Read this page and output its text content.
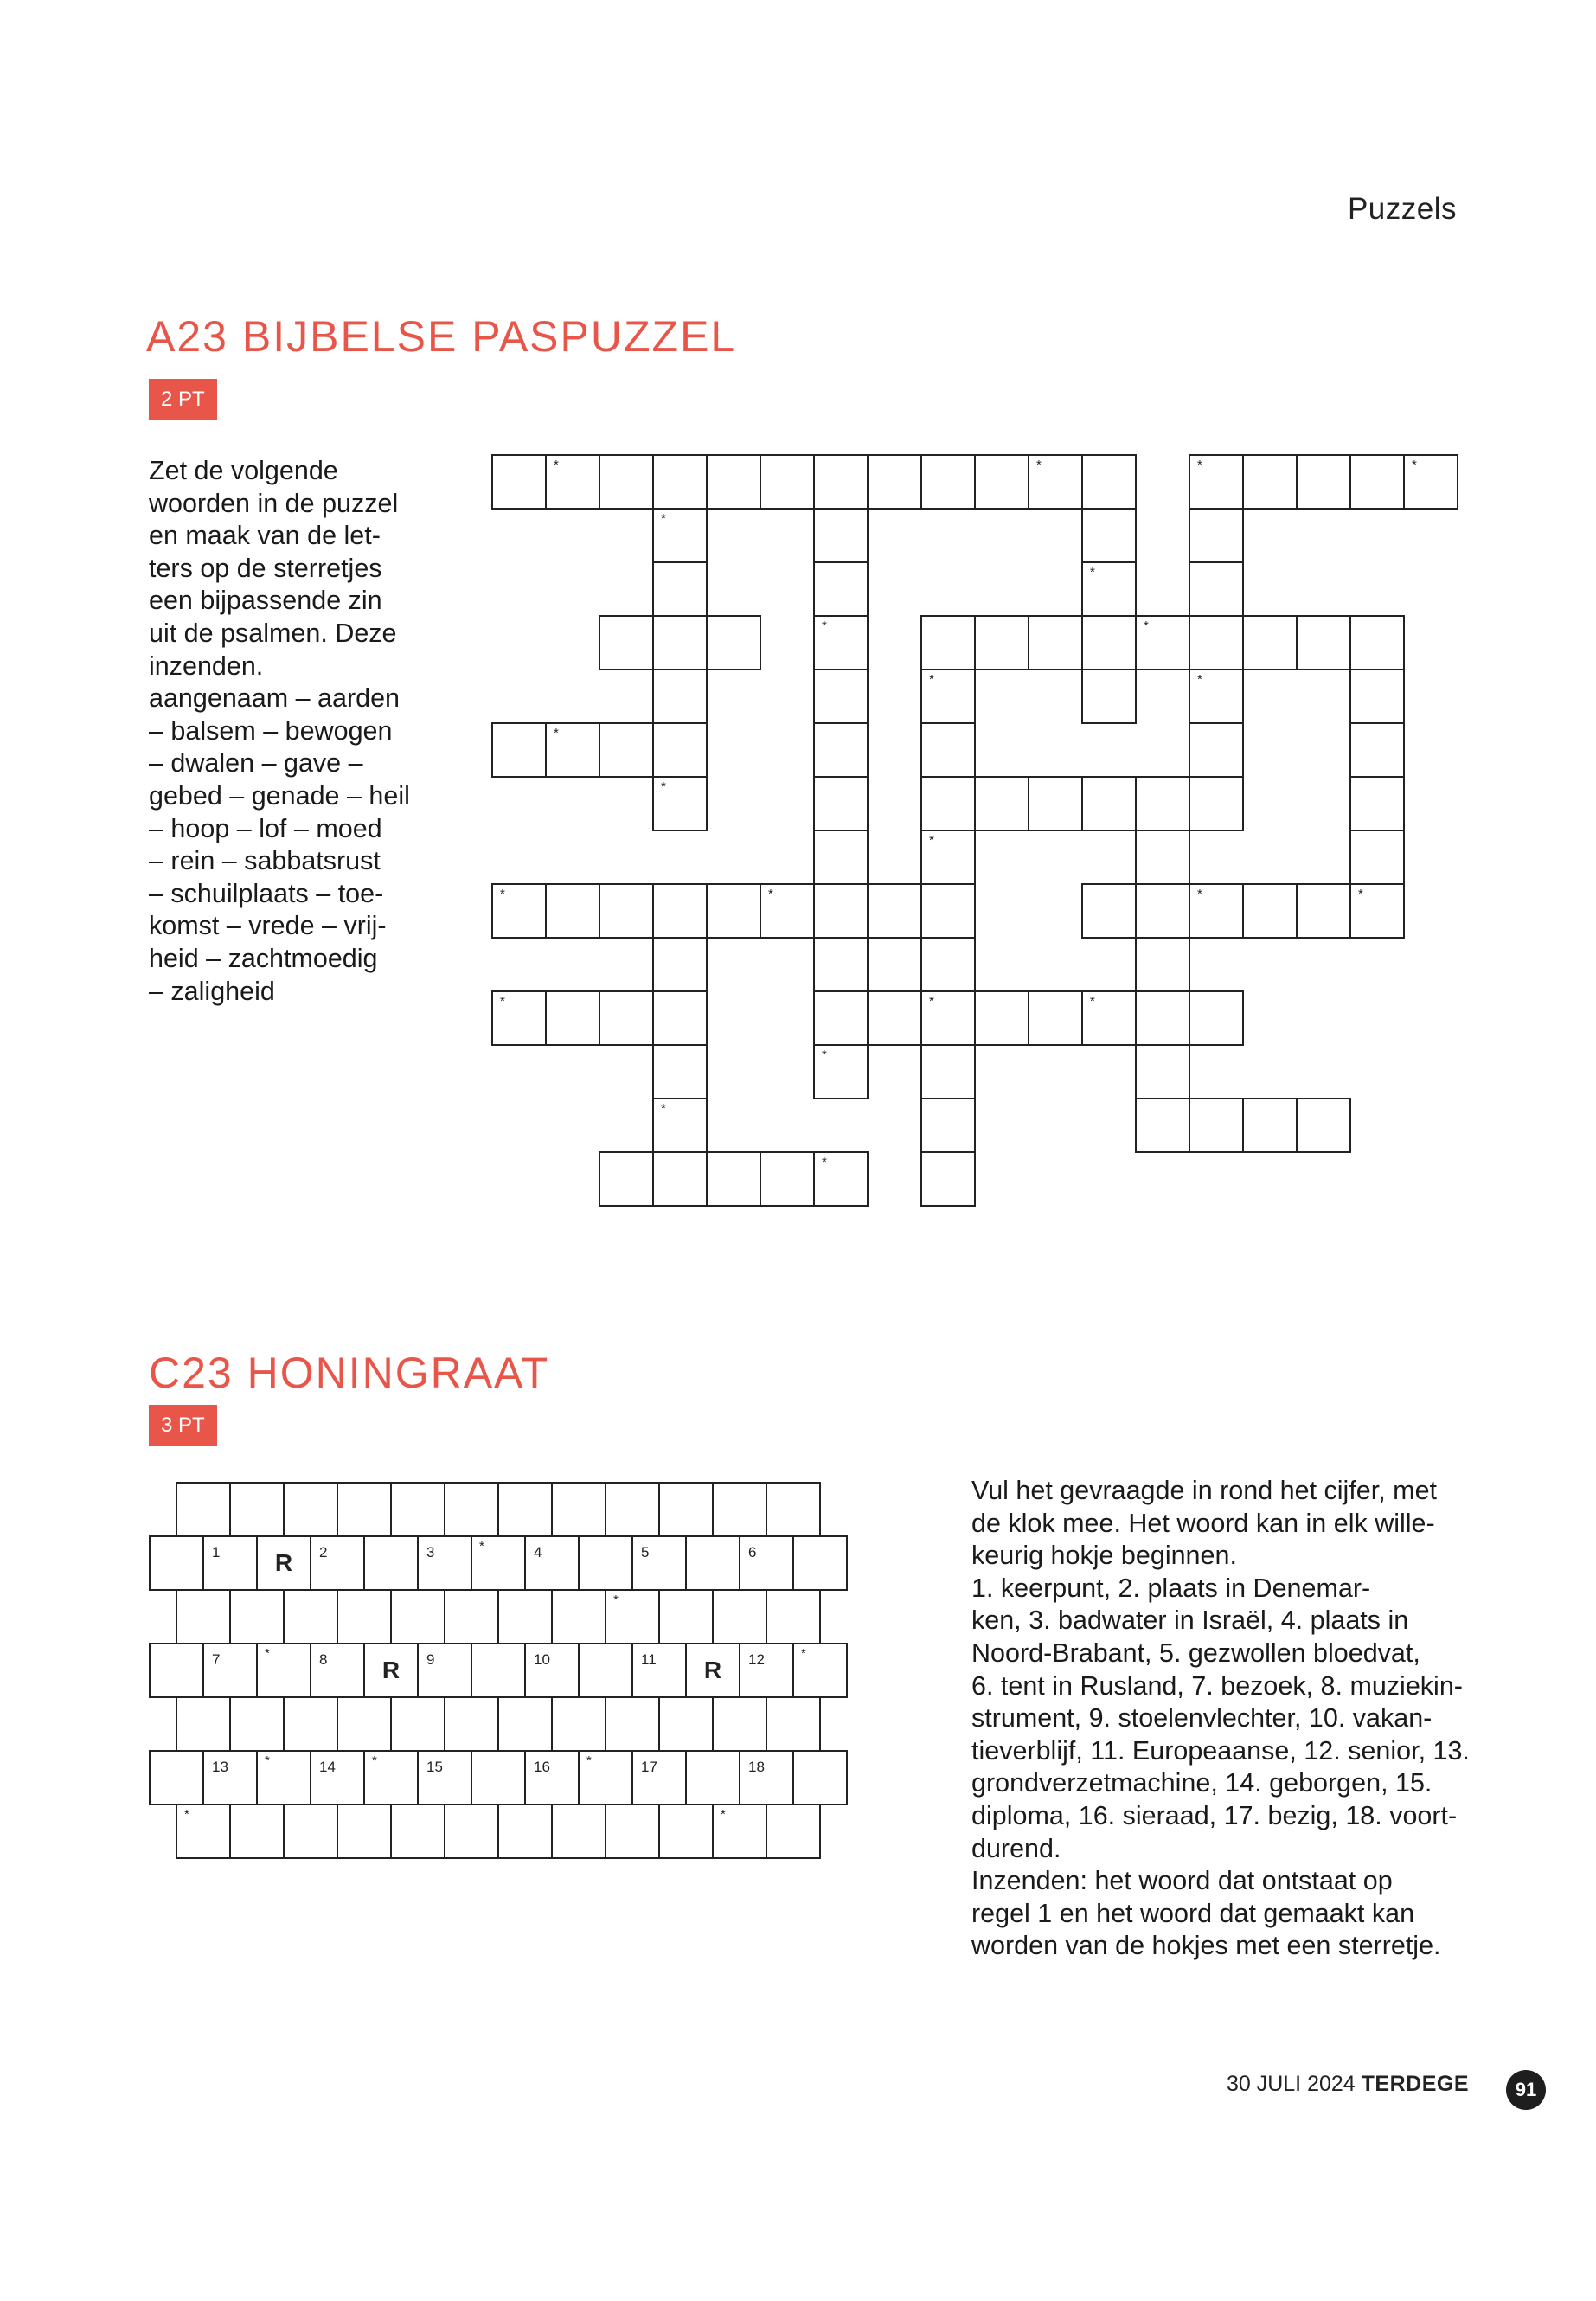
Puzzels
A23 BIJBELSE PASPUZZEL
2 PT
Zet de volgende
woorden in de puzzel
en maak van de let-
ters op de sterretjes
een bijpassende zin
uit de psalmen. Deze
inzenden.
aangenaam – aarden
– balsem – bewogen
– dwalen – gave –
gebed – genade – heil
– hoop – lof – moed
– rein – sabbatsrust
– schuilplaats – toe-
komst – vrede – vrij-
heid – zachtmoedig
– zaligheid
*	*	*	*
*
*
*	*
*	*
*
*
*
*	*	*	*
*	*	*
*
*
*
C23 HONINGRAAT
3 PT
1	R	2	3	*	4	5	6
*
7	*	8	R	9	10	11	R	12	*
13	*	14	*	15	16	*	17	18
*	*
Vul het gevraagde in rond het cijfer, met
de klok mee. Het woord kan in elk wille-
keurig hokje beginnen.
1. keerpunt, 2. plaats in Denemar-
ken, 3. badwater in Israël, 4. plaats in
Noord-Brabant, 5. gezwollen bloedvat,
6. tent in Rusland, 7. bezoek, 8. muziekin-
strument, 9. stoelenvlechter, 10. vakan-
tieverblijf, 11. Europeaanse, 12. senior, 13.
grondverzetmachine, 14. geborgen, 15.
diploma, 16. sieraad, 17. bezig, 18. voort-
durend.
Inzenden: het woord dat ontstaat op
regel 1 en het woord dat gemaakt kan
worden van de hokjes met een sterretje.
30 JULI 2024 TERDEGE	91
